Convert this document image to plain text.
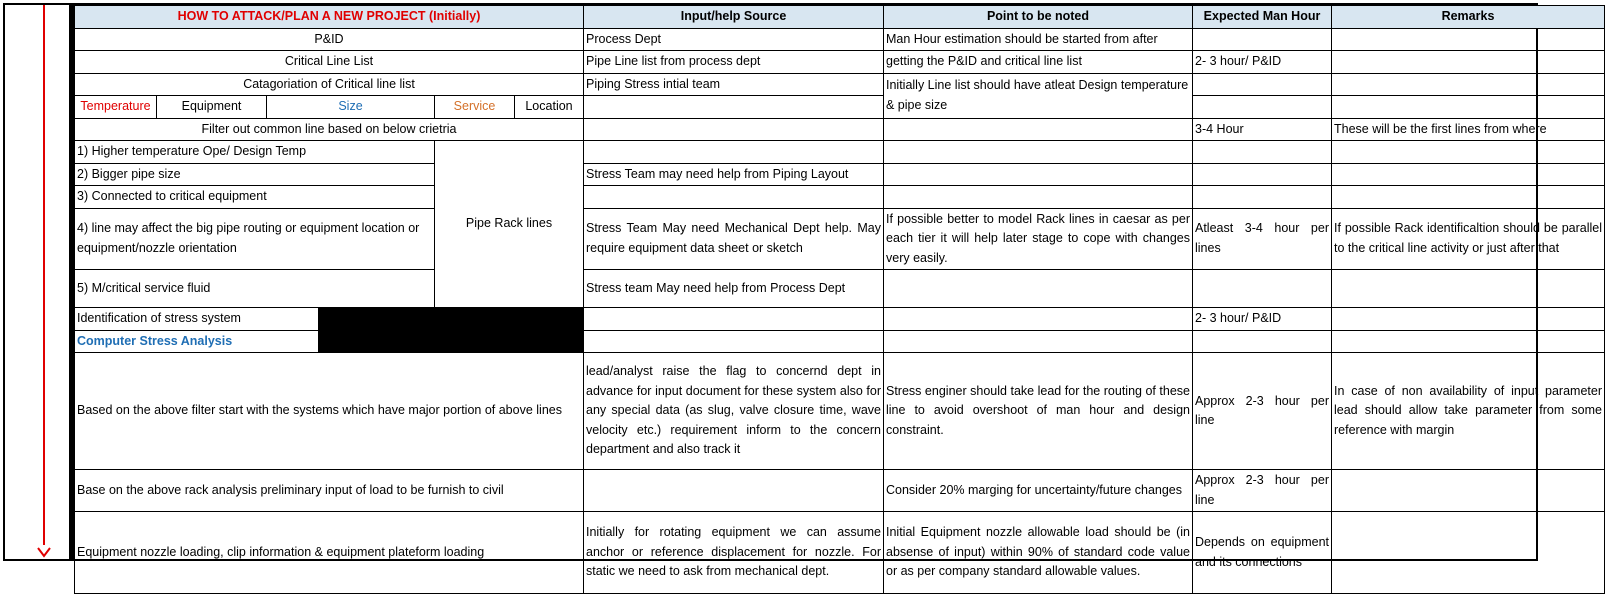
HOW TO ATTACK/PLAN A NEW PROJECT (Initially)						Input/help Source	Point to be noted	Expected Man Hour	Remarks
P&ID						Process Dept	Man Hour estimation should be started from after		
Critical Line List						Pipe Line list from process dept	getting the P&ID and critical line list	2- 3 hour/ P&ID	
Catagoriation of Critical line list						Piping Stress intial team	Initially Line list should have atleat Design temperature & pipe size		
Temperature	Equipment	Size		Service	Location				
Filter out common line based on below crietria								3-4 Hour	These will be the first lines from where
1) Higher temperature Ope/ Design Temp				Pipe Rack lines					
2) Bigger pipe size						Stress Team may need help from Piping Layout			
3) Connected to critical equipment									
4) line may affect the big pipe routing or equipment location or equipment/nozzle orientation						Stress Team May need Mechanical Dept help. May require equipment data sheet or sketch	If possible better to model Rack lines in caesar as per each tier it will help later stage to cope with changes very easily.	Atleast 3-4 hour per lines	If possible Rack identificaltion should be parallel to the critical line activity or just after that
5) M/critical service fluid						Stress team May need help from Process Dept			
Identification of stress system								2- 3 hour/ P&ID	
Computer Stress Analysis									
Based on the above filter start with the systems which have major portion of above lines						lead/analyst raise the flag to concernd dept in advance for input document for these system also for any special data (as slug, valve closure time, wave velocity etc.) requirement inform to the concern department and also track it	Stress enginer should take lead for the routing of these line to avoid overshoot of man hour and design constraint.	Approx 2-3 hour per line	In case of non availability of input parameter lead should allow take parameter from some reference with margin
Base on the above rack analysis preliminary input of load to be furnish to civil							Consider 20% marging for uncertainty/future changes	Approx 2-3 hour per line	
Equipment nozzle loading, clip information & equipment plateform loading						Initially for rotating equipment we can assume anchor or reference displacement for nozzle. For static we need to ask from mechanical dept.	Initial Equipment nozzle allowable load should be (in absense of input) within 90% of standard code value or as per company standard allowable values.	Depends on equipment and its connections	
